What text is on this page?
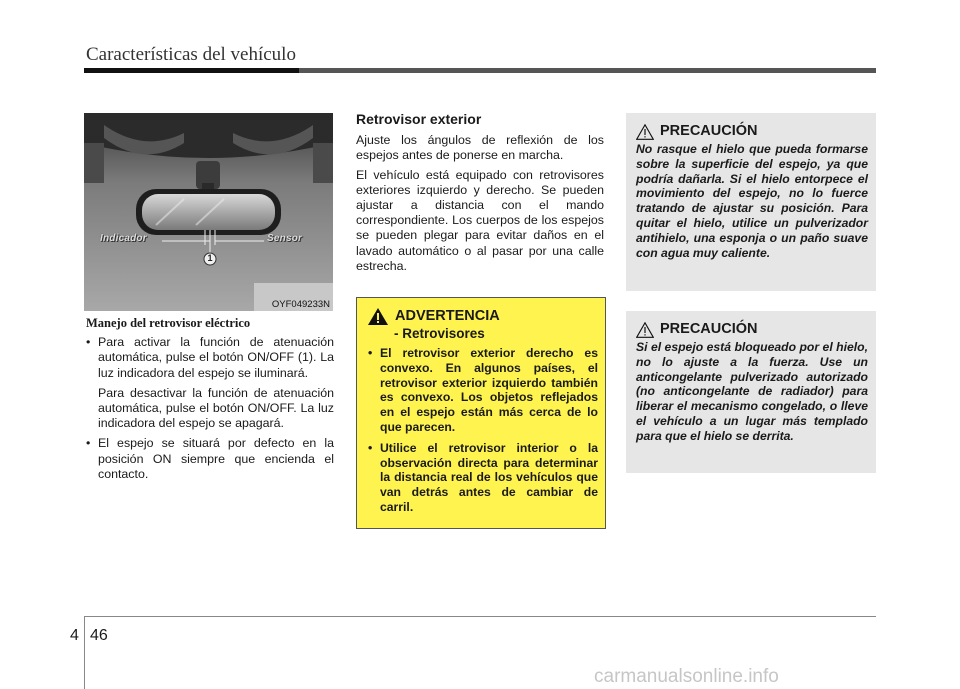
Características del vehículo
Indicador	Sensor
1
OYF049233N
Manejo del retrovisor eléctrico
• Para activar la función de atenuación automática, pulse el botón ON/OFF (1). La luz indicadora del espejo se iluminará.
Para desactivar la función de atenuación automática, pulse el botón ON/OFF. La luz indicadora del espejo se apagará.
• El espejo se situará por defecto en la posición ON siempre que encienda el contacto.
Retrovisor exterior

Ajuste los ángulos de reflexión de los espejos antes de ponerse en marcha.

El vehículo está equipado con retrovisores exteriores izquierdo y derecho. Se pueden ajustar a distancia con el mando correspondiente. Los cuerpos de los espejos se pueden plegar para evitar daños en el lavado automático o al pasar por una calle estrecha.

ADVERTENCIA
- Retrovisores
• El retrovisor exterior derecho es convexo. En algunos países, el retrovisor exterior izquierdo también es convexo. Los objetos reflejados en el espejo están más cerca de lo que parecen.
• Utilice el retrovisor interior o la observación directa para determinar la distancia real de los vehículos que van detrás antes de cambiar de carril.
PRECAUCIÓN
No rasque el hielo que pueda formarse sobre la superficie del espejo, ya que podría dañarla. Si el hielo entorpece el movimiento del espejo, no lo fuerce tratando de ajustar su posición. Para quitar el hielo, utilice un pulverizador antihielo, una esponja o un paño suave con agua muy caliente.
PRECAUCIÓN
Si el espejo está bloqueado por el hielo, no lo ajuste a la fuerza. Use un anticongelante pulverizado autorizado (no anticongelante de radiador) para liberar el mecanismo congelado, o lleve el vehículo a un lugar más templado para que el hielo se derrita.
4 46
carmanualsonline.info
